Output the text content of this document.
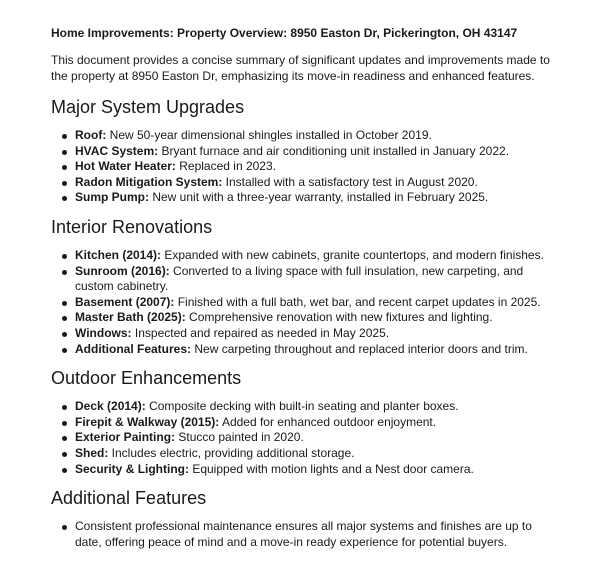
Home Improvements: Property Overview: 8950 Easton Dr, Pickerington, OH 43147

This document provides a concise summary of significant updates and improvements made to the property at 8950 Easton Dr, emphasizing its move-in readiness and enhanced features.

Major System Upgrades
Roof: New 50-year dimensional shingles installed in October 2019.
HVAC System: Bryant furnace and air conditioning unit installed in January 2022.
Hot Water Heater: Replaced in 2023.
Radon Mitigation System: Installed with a satisfactory test in August 2020.
Sump Pump: New unit with a three-year warranty, installed in February 2025.
Interior Renovations
Kitchen (2014): Expanded with new cabinets, granite countertops, and modern finishes.
Sunroom (2016): Converted to a living space with full insulation, new carpeting, and custom cabinetry.
Basement (2007): Finished with a full bath, wet bar, and recent carpet updates in 2025.
Master Bath (2025): Comprehensive renovation with new fixtures and lighting.
Windows: Inspected and repaired as needed in May 2025.
Additional Features: New carpeting throughout and replaced interior doors and trim.
Outdoor Enhancements
Deck (2014): Composite decking with built-in seating and planter boxes.
Firepit & Walkway (2015): Added for enhanced outdoor enjoyment.
Exterior Painting: Stucco painted in 2020.
Shed: Includes electric, providing additional storage.
Security & Lighting: Equipped with motion lights and a Nest door camera.
Additional Features
Consistent professional maintenance ensures all major systems and finishes are up to date, offering peace of mind and a move-in ready experience for potential buyers.
